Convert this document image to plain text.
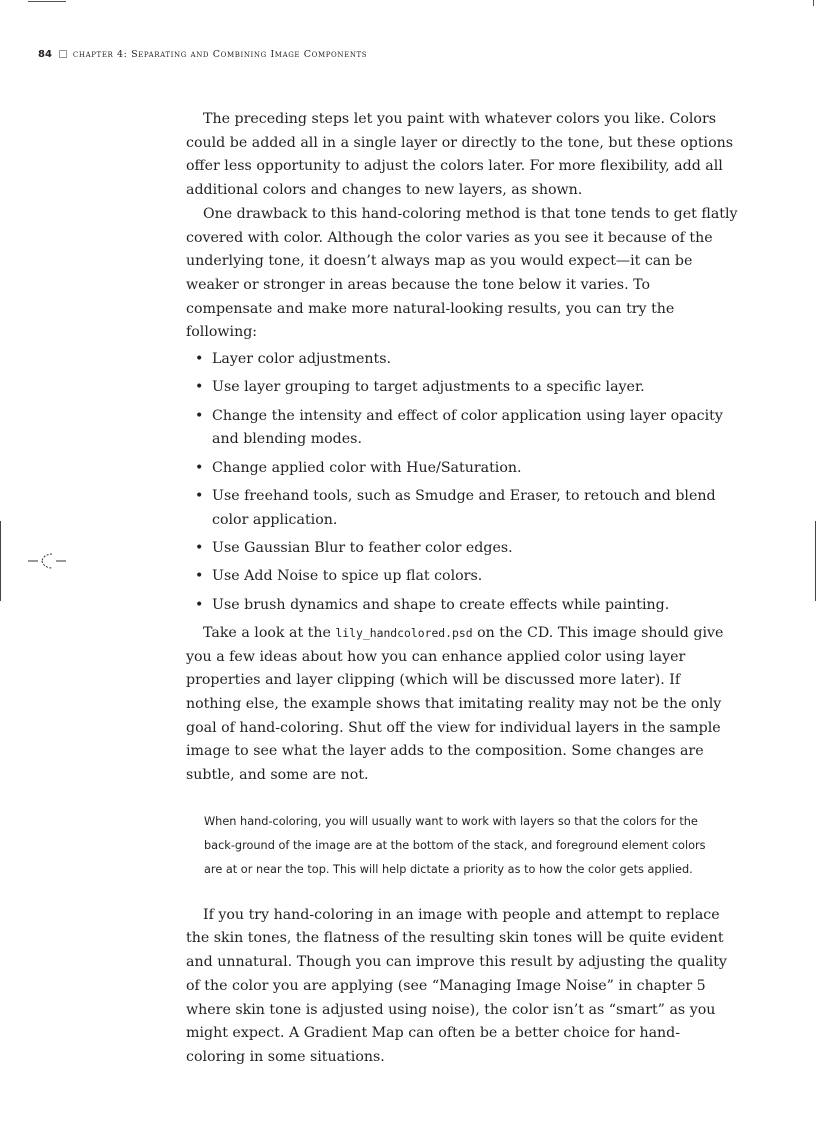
84 chapter 4: Separating and Combining Image Components

The preceding steps let you paint with whatever colors you like. Colors could be added all in a single layer or directly to the tone, but these options offer less opportunity to adjust the colors later. For more flexibility, add all additional colors and changes to new layers, as shown.

One drawback to this hand-coloring method is that tone tends to get flatly covered with color. Although the color varies as you see it because of the underlying tone, it doesn’t always map as you would expect—it can be weaker or stronger in areas because the tone below it varies. To compensate and make more natural-looking results, you can try the following:

• Layer color adjustments.
• Use layer grouping to target adjustments to a specific layer.
• Change the intensity and effect of color application using layer opacity and blending modes.
• Change applied color with Hue/Saturation.
• Use freehand tools, such as Smudge and Eraser, to retouch and blend color application.
• Use Gaussian Blur to feather color edges.
• Use Add Noise to spice up flat colors.
• Use brush dynamics and shape to create effects while painting.

Take a look at the lily_handcolored.psd on the CD. This image should give you a few ideas about how you can enhance applied color using layer properties and layer clipping (which will be discussed more later). If nothing else, the example shows that imitating reality may not be the only goal of hand-coloring. Shut off the view for individual layers in the sample image to see what the layer adds to the composition. Some changes are subtle, and some are not.

When hand-coloring, you will usually want to work with layers so that the colors for the back-ground of the image are at the bottom of the stack, and foreground element colors are at or near the top. This will help dictate a priority as to how the color gets applied.

If you try hand-coloring in an image with people and attempt to replace the skin tones, the flatness of the resulting skin tones will be quite evident and unnatural. Though you can improve this result by adjusting the quality of the color you are applying (see “Managing Image Noise” in chapter 5 where skin tone is adjusted using noise), the color isn’t as “smart” as you might expect. A Gradient Map can often be a better choice for hand-coloring in some situations.
